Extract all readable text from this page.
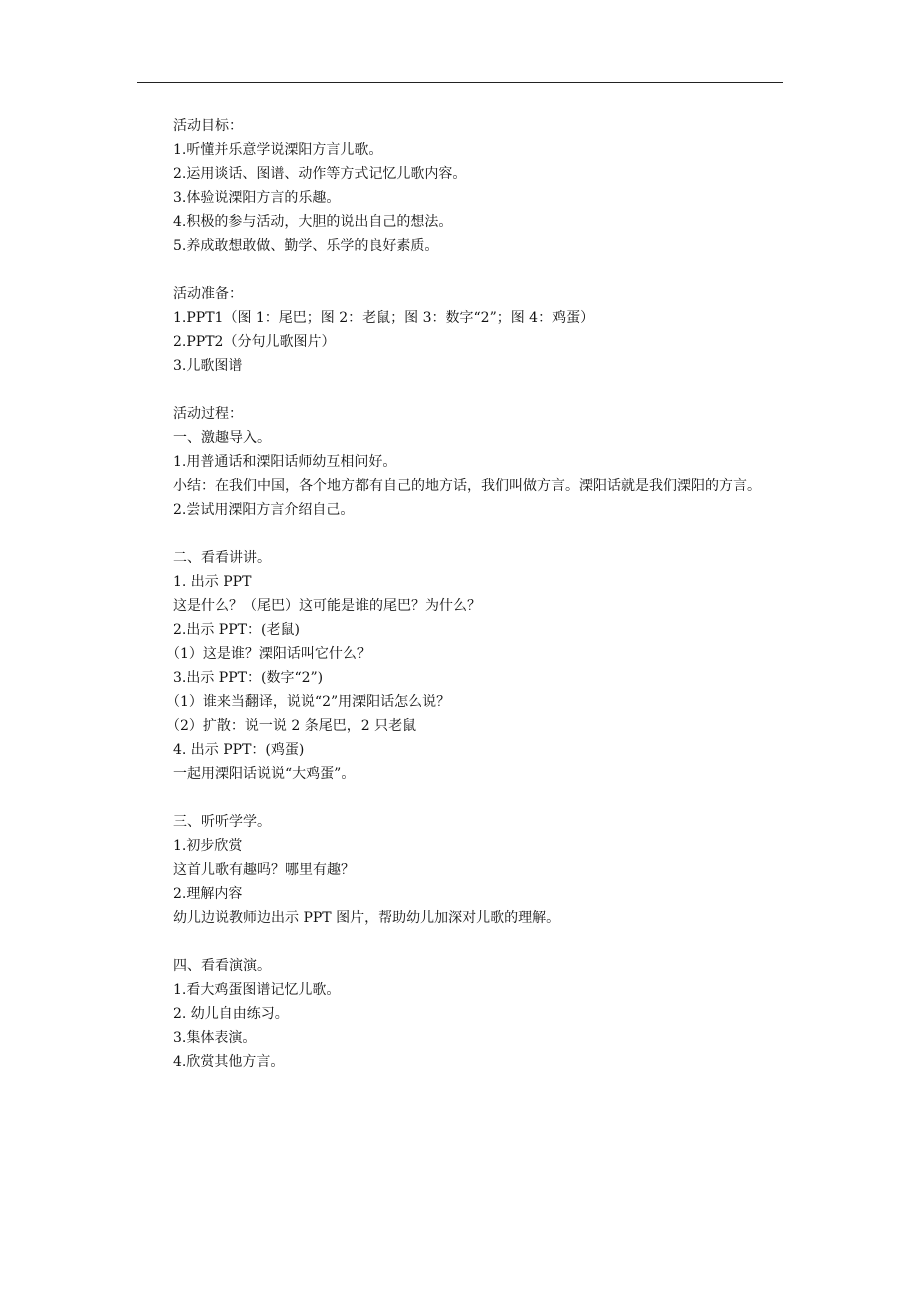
活动目标：
1.听懂并乐意学说溧阳方言儿歌。
2.运用谈话、图谱、动作等方式记忆儿歌内容。
3.体验说溧阳方言的乐趣。
4.积极的参与活动，大胆的说出自己的想法。
5.养成敢想敢做、勤学、乐学的良好素质。
活动准备：
1.PPT1（图 1：尾巴；图 2：老鼠；图 3：数字“2”；图 4：鸡蛋）
2.PPT2（分句儿歌图片）
3.儿歌图谱
活动过程：
一、激趣导入。
1.用普通话和溧阳话师幼互相问好。
小结：在我们中国，各个地方都有自己的地方话，我们叫做方言。溧阳话就是我们溧阳的方言。
2.尝试用溧阳方言介绍自己。
二、看看讲讲。
1. 出示 PPT
这是什么？（尾巴）这可能是谁的尾巴？为什么？
2.出示 PPT：(老鼠)
（1）这是谁？溧阳话叫它什么？
3.出示 PPT：(数字“2”)
（1）谁来当翻译，说说“2”用溧阳话怎么说？
（2）扩散：说一说 2 条尾巴，2 只老鼠
4. 出示 PPT：(鸡蛋)
一起用溧阳话说说“大鸡蛋”。
三、听听学学。
1.初步欣赏
这首儿歌有趣吗？哪里有趣？
2.理解内容
幼儿边说教师边出示 PPT 图片，帮助幼儿加深对儿歌的理解。
四、看看演演。
1.看大鸡蛋图谱记忆儿歌。
2. 幼儿自由练习。
3.集体表演。
4.欣赏其他方言。
